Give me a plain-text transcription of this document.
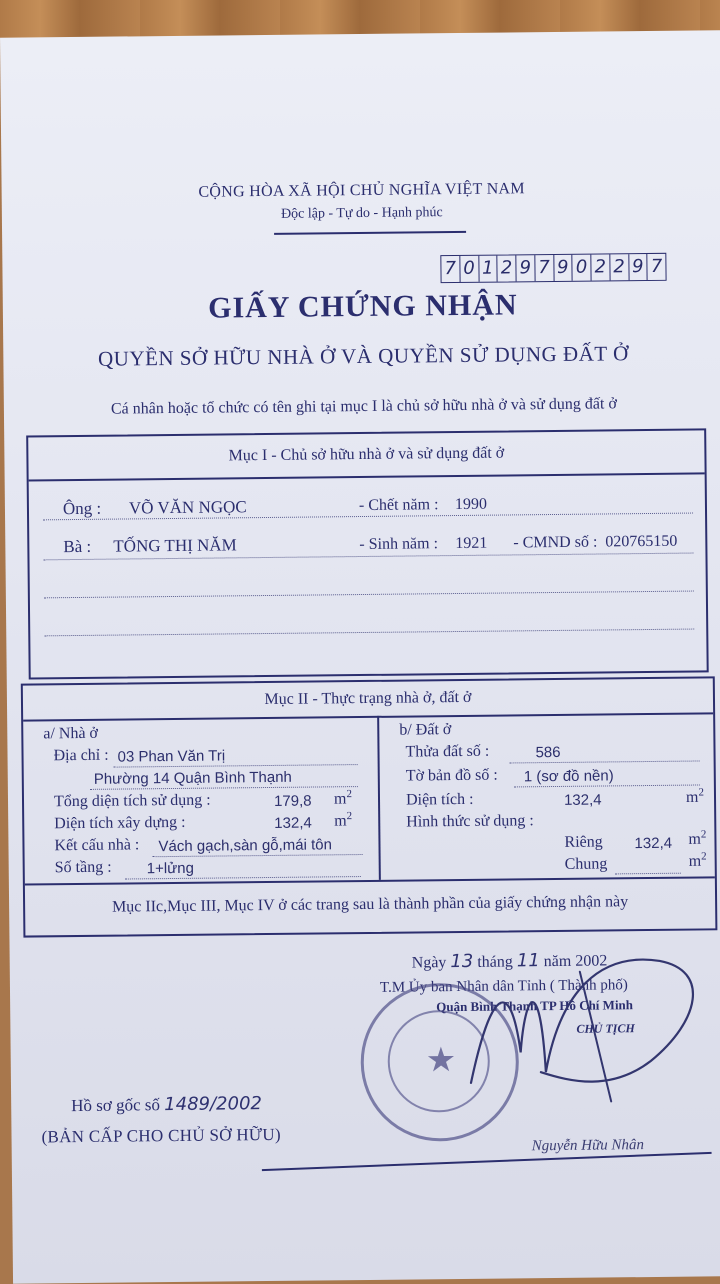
CỘNG HÒA XÃ HỘI CHỦ NGHĨA VIỆT NAM
Độc lập - Tự do - Hạnh phúc
7 0 1 2 9 7 9 0 2 2 9 7
GIẤY CHỨNG NHẬN
QUYỀN SỞ HỮU NHÀ Ở VÀ QUYỀN SỬ DỤNG ĐẤT Ở
Cá nhân hoặc tổ chức có tên ghi tại mục I là chủ sở hữu nhà ở và sử dụng đất ở
Mục I - Chủ sở hữu nhà ở và sử dụng đất ở
Ông : VÕ VĂN NGỌC	- Chết năm : 1990
Bà : TỐNG THỊ NĂM	- Sinh năm : 1921 - CMND số : 020765150
Mục II - Thực trạng nhà ở, đất ở
a/ Nhà ở
Địa chỉ : 03 Phan Văn Trị
Phường 14 Quận Bình Thạnh
Tổng diện tích sử dụng :	179,8 $m^2$
Diện tích xây dựng :	132,4 $m^2$
Kết cấu nhà : Vách gạch,sàn gỗ,mái tôn
Số tầng : 1+lửng
b/ Đất ở
Thửa đất số :	586
Tờ bản đồ số : 1 (sơ đồ nền)
Diện tích :	132,4	$m^2$
Hình thức sử dụng :
Riêng 132,4 $m^2$
Chung	$m^2$
Mục IIc,Mục III, Mục IV ở các trang sau là thành phần của giấy chứng nhận này
Ngày 13 tháng 11 năm 2002
T.M Ủy ban Nhân dân Tỉnh ( Thành phố)
Quận Bình Thạnh TP Hồ Chí Minh
CHỦ TỊCH
★
Nguyễn Hữu Nhân
Hồ sơ gốc số 1489/2002
(BẢN CẤP CHO CHỦ SỞ HỮU)
